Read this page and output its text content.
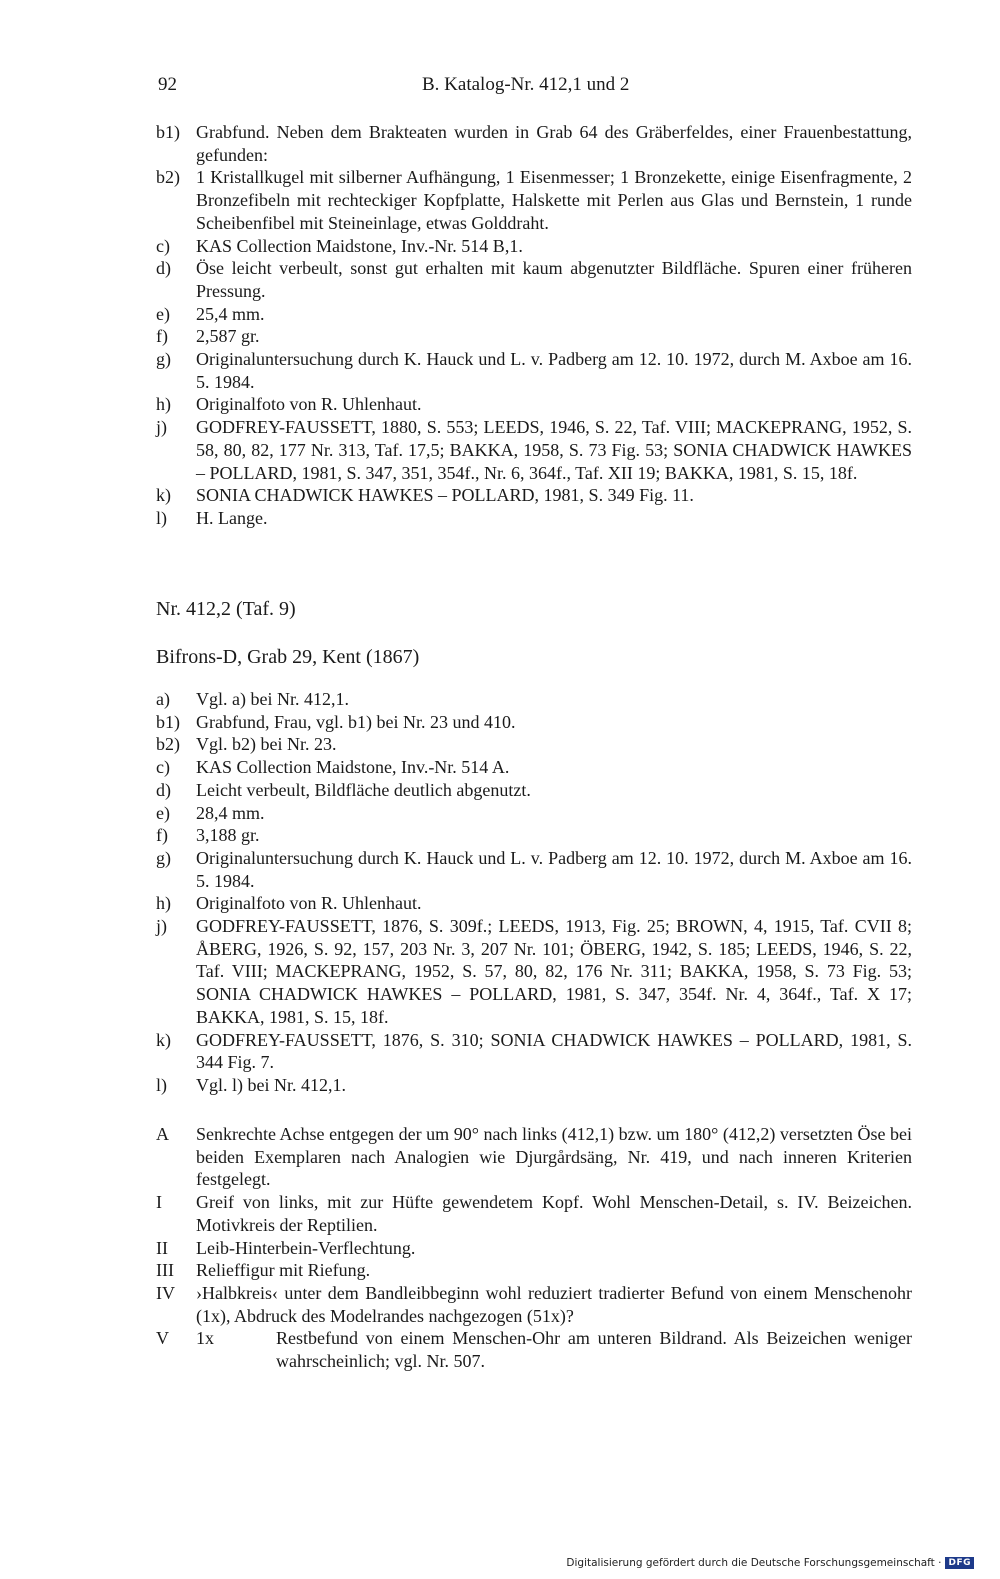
92	B. Katalog-Nr. 412,1 und 2
b1) Grabfund. Neben dem Brakteaten wurden in Grab 64 des Gräberfeldes, einer Frauenbestattung, gefunden:
b2) 1 Kristallkugel mit silberner Aufhängung, 1 Eisenmesser; 1 Bronzekette, einige Eisenfragmente, 2 Bronzefibeln mit rechteckiger Kopfplatte, Halskette mit Perlen aus Glas und Bernstein, 1 runde Scheibenfibel mit Steineinlage, etwas Golddraht.
c) KAS Collection Maidstone, Inv.-Nr. 514 B,1.
d) Öse leicht verbeult, sonst gut erhalten mit kaum abgenutzter Bildfläche. Spuren einer früheren Pressung.
e) 25,4 mm.
f) 2,587 gr.
g) Originaluntersuchung durch K. Hauck und L. v. Padberg am 12. 10. 1972, durch M. Axboe am 16. 5. 1984.
h) Originalfoto von R. Uhlenhaut.
j) GODFREY-FAUSSETT, 1880, S. 553; LEEDS, 1946, S. 22, Taf. VIII; MACKEPRANG, 1952, S. 58, 80, 82, 177 Nr. 313, Taf. 17,5; BAKKA, 1958, S. 73 Fig. 53; SONIA CHADWICK HAWKES – POLLARD, 1981, S. 347, 351, 354f., Nr. 6, 364f., Taf. XII 19; BAKKA, 1981, S. 15, 18f.
k) SONIA CHADWICK HAWKES – POLLARD, 1981, S. 349 Fig. 11.
l) H. Lange.
Nr. 412,2 (Taf. 9)
Bifrons-D, Grab 29, Kent (1867)
a) Vgl. a) bei Nr. 412,1.
b1) Grabfund, Frau, vgl. b1) bei Nr. 23 und 410.
b2) Vgl. b2) bei Nr. 23.
c) KAS Collection Maidstone, Inv.-Nr. 514 A.
d) Leicht verbeult, Bildfläche deutlich abgenutzt.
e) 28,4 mm.
f) 3,188 gr.
g) Originaluntersuchung durch K. Hauck und L. v. Padberg am 12. 10. 1972, durch M. Axboe am 16. 5. 1984.
h) Originalfoto von R. Uhlenhaut.
j) GODFREY-FAUSSETT, 1876, S. 309f.; LEEDS, 1913, Fig. 25; BROWN, 4, 1915, Taf. CVII 8; ÅBERG, 1926, S. 92, 157, 203 Nr. 3, 207 Nr. 101; ÖBERG, 1942, S. 185; LEEDS, 1946, S. 22, Taf. VIII; MACKEPRANG, 1952, S. 57, 80, 82, 176 Nr. 311; BAKKA, 1958, S. 73 Fig. 53; SONIA CHADWICK HAWKES – POLLARD, 1981, S. 347, 354f. Nr. 4, 364f., Taf. X 17; BAKKA, 1981, S. 15, 18f.
k) GODFREY-FAUSSETT, 1876, S. 310; SONIA CHADWICK HAWKES – POLLARD, 1981, S. 344 Fig. 7.
l) Vgl. l) bei Nr. 412,1.
A Senkrechte Achse entgegen der um 90° nach links (412,1) bzw. um 180° (412,2) versetzten Öse bei beiden Exemplaren nach Analogien wie Djurgårdsäng, Nr. 419, und nach inneren Kriterien festgelegt.
I Greif von links, mit zur Hüfte gewendetem Kopf. Wohl Menschen-Detail, s. IV. Beizeichen. Motivkreis der Reptilien.
II Leib-Hinterbein-Verflechtung.
III Relieffigur mit Riefung.
IV ›Halbkreis‹ unter dem Bandleibbeginn wohl reduziert tradierter Befund von einem Menschenohr (1x), Abdruck des Modelrandes nachgezogen (51x)?
V 1x	Restbefund von einem Menschen-Ohr am unteren Bildrand. Als Beizeichen weniger wahrscheinlich; vgl. Nr. 507.
Digitalisierung gefördert durch die Deutsche Forschungsgemeinschaft · DFG
